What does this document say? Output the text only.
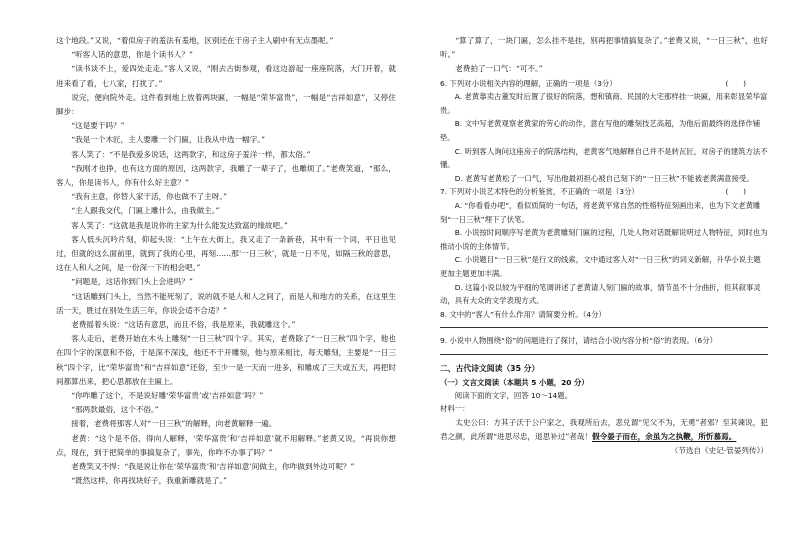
这个地段。”又说，“着似房子的羞法有羞地，区别还在于房子主人刷中有无点墨呢。”

“听客人话的意思，你是个读书人？”

“读书谈不上，爱四处走走。”客人又说，“刚去古街参观，看这边游起一座座院落，大门开着，就进来看了看，七八家，打扰了。”

说完，便向院外走。这件看到地上放着两块匾，一幅是“荣华富贵”，一幅是“吉祥如意”，又停住脚步：

“这是要干吗？”

“我是一个木匠，主人要雕一个门匾，让我从中选一幅字。”

客人笑了：“不是我爱多说话，这两款字，和这房子羞洋一样，都太俗。”

“我刚才也挣，也有这方面的原因，这两款字，我雕了一辈子了，也雕烦了。”老费笑道，“那么，客人，你是读书人，你有什么好主意？”

“我有主意，你替人家干活，你也做不了主呀。”

“主人跟我交代，门匾上雕什么，由我做主。”

客人笑了：“这就是我是说你的主家为什么能发达致富的缘故吧。”

客人低头沉吟片刻，仰起头说：“上午在大街上，我又走了一条新巷，其中有一个词，平日也见过，但就的这么面前里，就到了我的心里，再刻……那‘一日三秋’，就是一日不见，如隔三秋的意思，这在人和人之间，是一份深一下的相会吧。”

“问题是，这话你到门头上会进吗？”

“这话雕到门头上，当然不能死刻了，说的就不是人和人之间了，而是人和地方的关系，在这里生活一天，胜过在别处生活三年，你说会适不合适？”

老费摇着头说：“这话有意思，而且不俗，我是原来，我就雕这个。”

客人走后，老费开始在木头上雕刻“一日三秋”四个字。其实，老费除了“一日三秋”四个字，他也在四个字的深意和不俗，于是深不深浅，他还不干开雕刻，他与原来相比，每天雕刻，主要是“一日三秋”四个字，比“荣华富贵”和“吉祥如意”还俗，至少一是一天而一进多，和雕成了三天或五天，再把时间都算出来，把心思都放在主匾上。

“你咋雕了这个，不是说好雕‘荣华富贵’或‘吉祥如意’吗？”

“那两款最俗，这个不俗。”

接着，老费将那客人对“一日三秋”的解释，向老黄解释一遍。

老黄：“这个是不俗，得向人解释，‘荣华富贵’和‘吉祥如意’就不用解释。”老黄又说，“再说你想点，现在，到于把简单的事搞复杂了，事先，你咋不办事了吗？”

老费笑又不悍：“我是说让你在‘荣华富贵’和‘吉祥如意’间做主，你咋做到外边可呢？”

“既然这样，你再找块好子，我重新雕就是了。”

“算了算了，一块门匾，怎么挂不是挂，别再把事情搞复杂了。”老费又说，“一日三秋”，也好听。”

老费拍了一口气：“可不。”

6. 下列对小说相关内容的理解，正确的一项是（3分）	(　　)

A. 老黄靠卖古董发时后置了很好的院落，想和镇商、民国的大宅那样挂一块匾，用来彰显荣华富贵。

B. 文中写老黄观察老黄家的劳心的动作，意在写他的雕刻技艺高超，为他后面最终的选择作铺垫。

C. 听到客人询问这座房子的院落结构，老黄客气地解释自己并不是转瓦匠，对房子的建筑方法不懂。

D. 老黄写老黄松了一口气，写出他最初担心被自己刻下的“一日三秋”不能被老黄满意接受。

7. 下列对小说艺术特色的分析鉴赏，不正确的一项是（3分）	(　　)

A. “你看看办吧”，看似质简的一句话，将老黄平常自然的性格特征刻画出来，也为下文老黄雕刻“一日三秋”埋下了伏笔。

B. 小说按时间顺序写老黄为老黄雕刻门匾的过程，几处人物对话既解说明过人物特征，同时也为推动小说的主体情节。

C. 小说题目“一日三秋”是行文的线索，文中通过客人对“一日三秋”的词义新解，升华小说主题更加主题更加丰满。

D. 这篇小说以较为平细的笔调讲述了老黄请人刻门匾的故事，情节虽不十分曲折，但其叙事灵动，具有大众的文学表现方式。

8. 文中的“客人”有什么作用？请简要分析。（4分）

9. 小说中人物围绕“俗”的问题进行了探讨，请结合小说内容分析“俗”的表现。（6分）

二、古代诗文阅读（35 分）

（一）文言文阅读（本题共 5 小题，20 分）

阅读下面的文字，回答 10～14题。

材料一：

太史公曰：方其子沃于公户家之，我观所后去，悲兑谓“见父不为，无勇”者邪？至其谏说，犯君之颜，此所谓“进思尽忠，退思补过”者哉！假令晏子而在，余虽为之执鞭，所忻慕焉。

（节选自《史记·管晏列传》）
